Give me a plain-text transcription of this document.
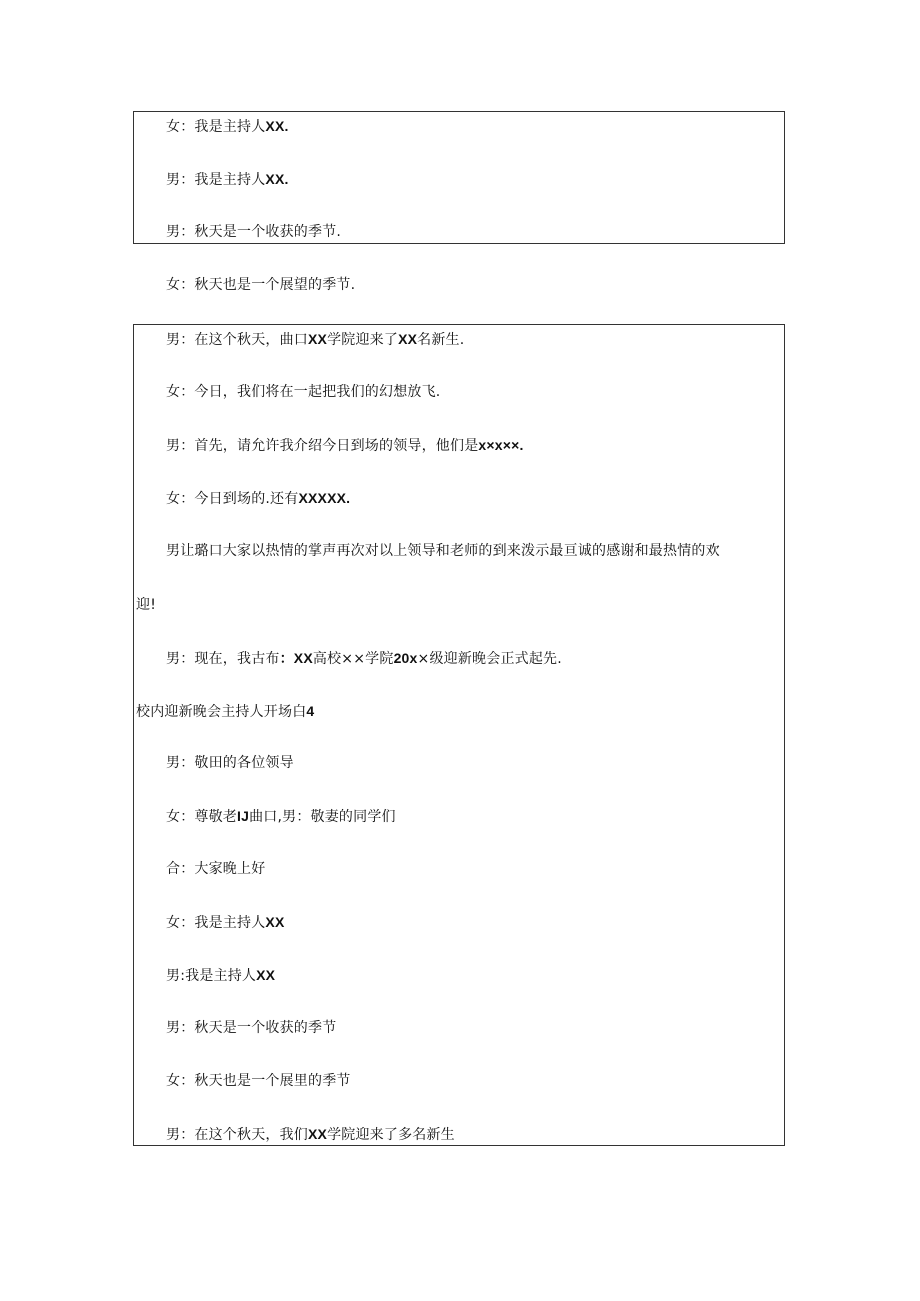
女：我是主持人XX.

男：我是主持人XX.

男：秋天是一个收获的季节.

女：秋天也是一个展望的季节.

男：在这个秋天，曲口XX学院迎来了XX名新生.

女：今日，我们将在一起把我们的幻想放飞.

男：首先，请允许我介绍今日到场的领导，他们是x×x××.

女：今日到场的.还有XXXXX.

男让璐口大家以热情的掌声再次对以上领导和老师的到来泼示最亘诚的感谢和最热情的欢

迎!

男：现在，我古布：XX高校××学院20x×级迎新晚会正式起先.

校内迎新晚会主持人开场白4

男：敬田的各位领导

女：尊敬老IJ曲口,男：敬妻的同学们

合：大家晚上好

女：我是主持人XX

男:我是主持人XX

男：秋天是一个收获的季节

女：秋天也是一个展里的季节

男：在这个秋天，我们XX学院迎来了多名新生
